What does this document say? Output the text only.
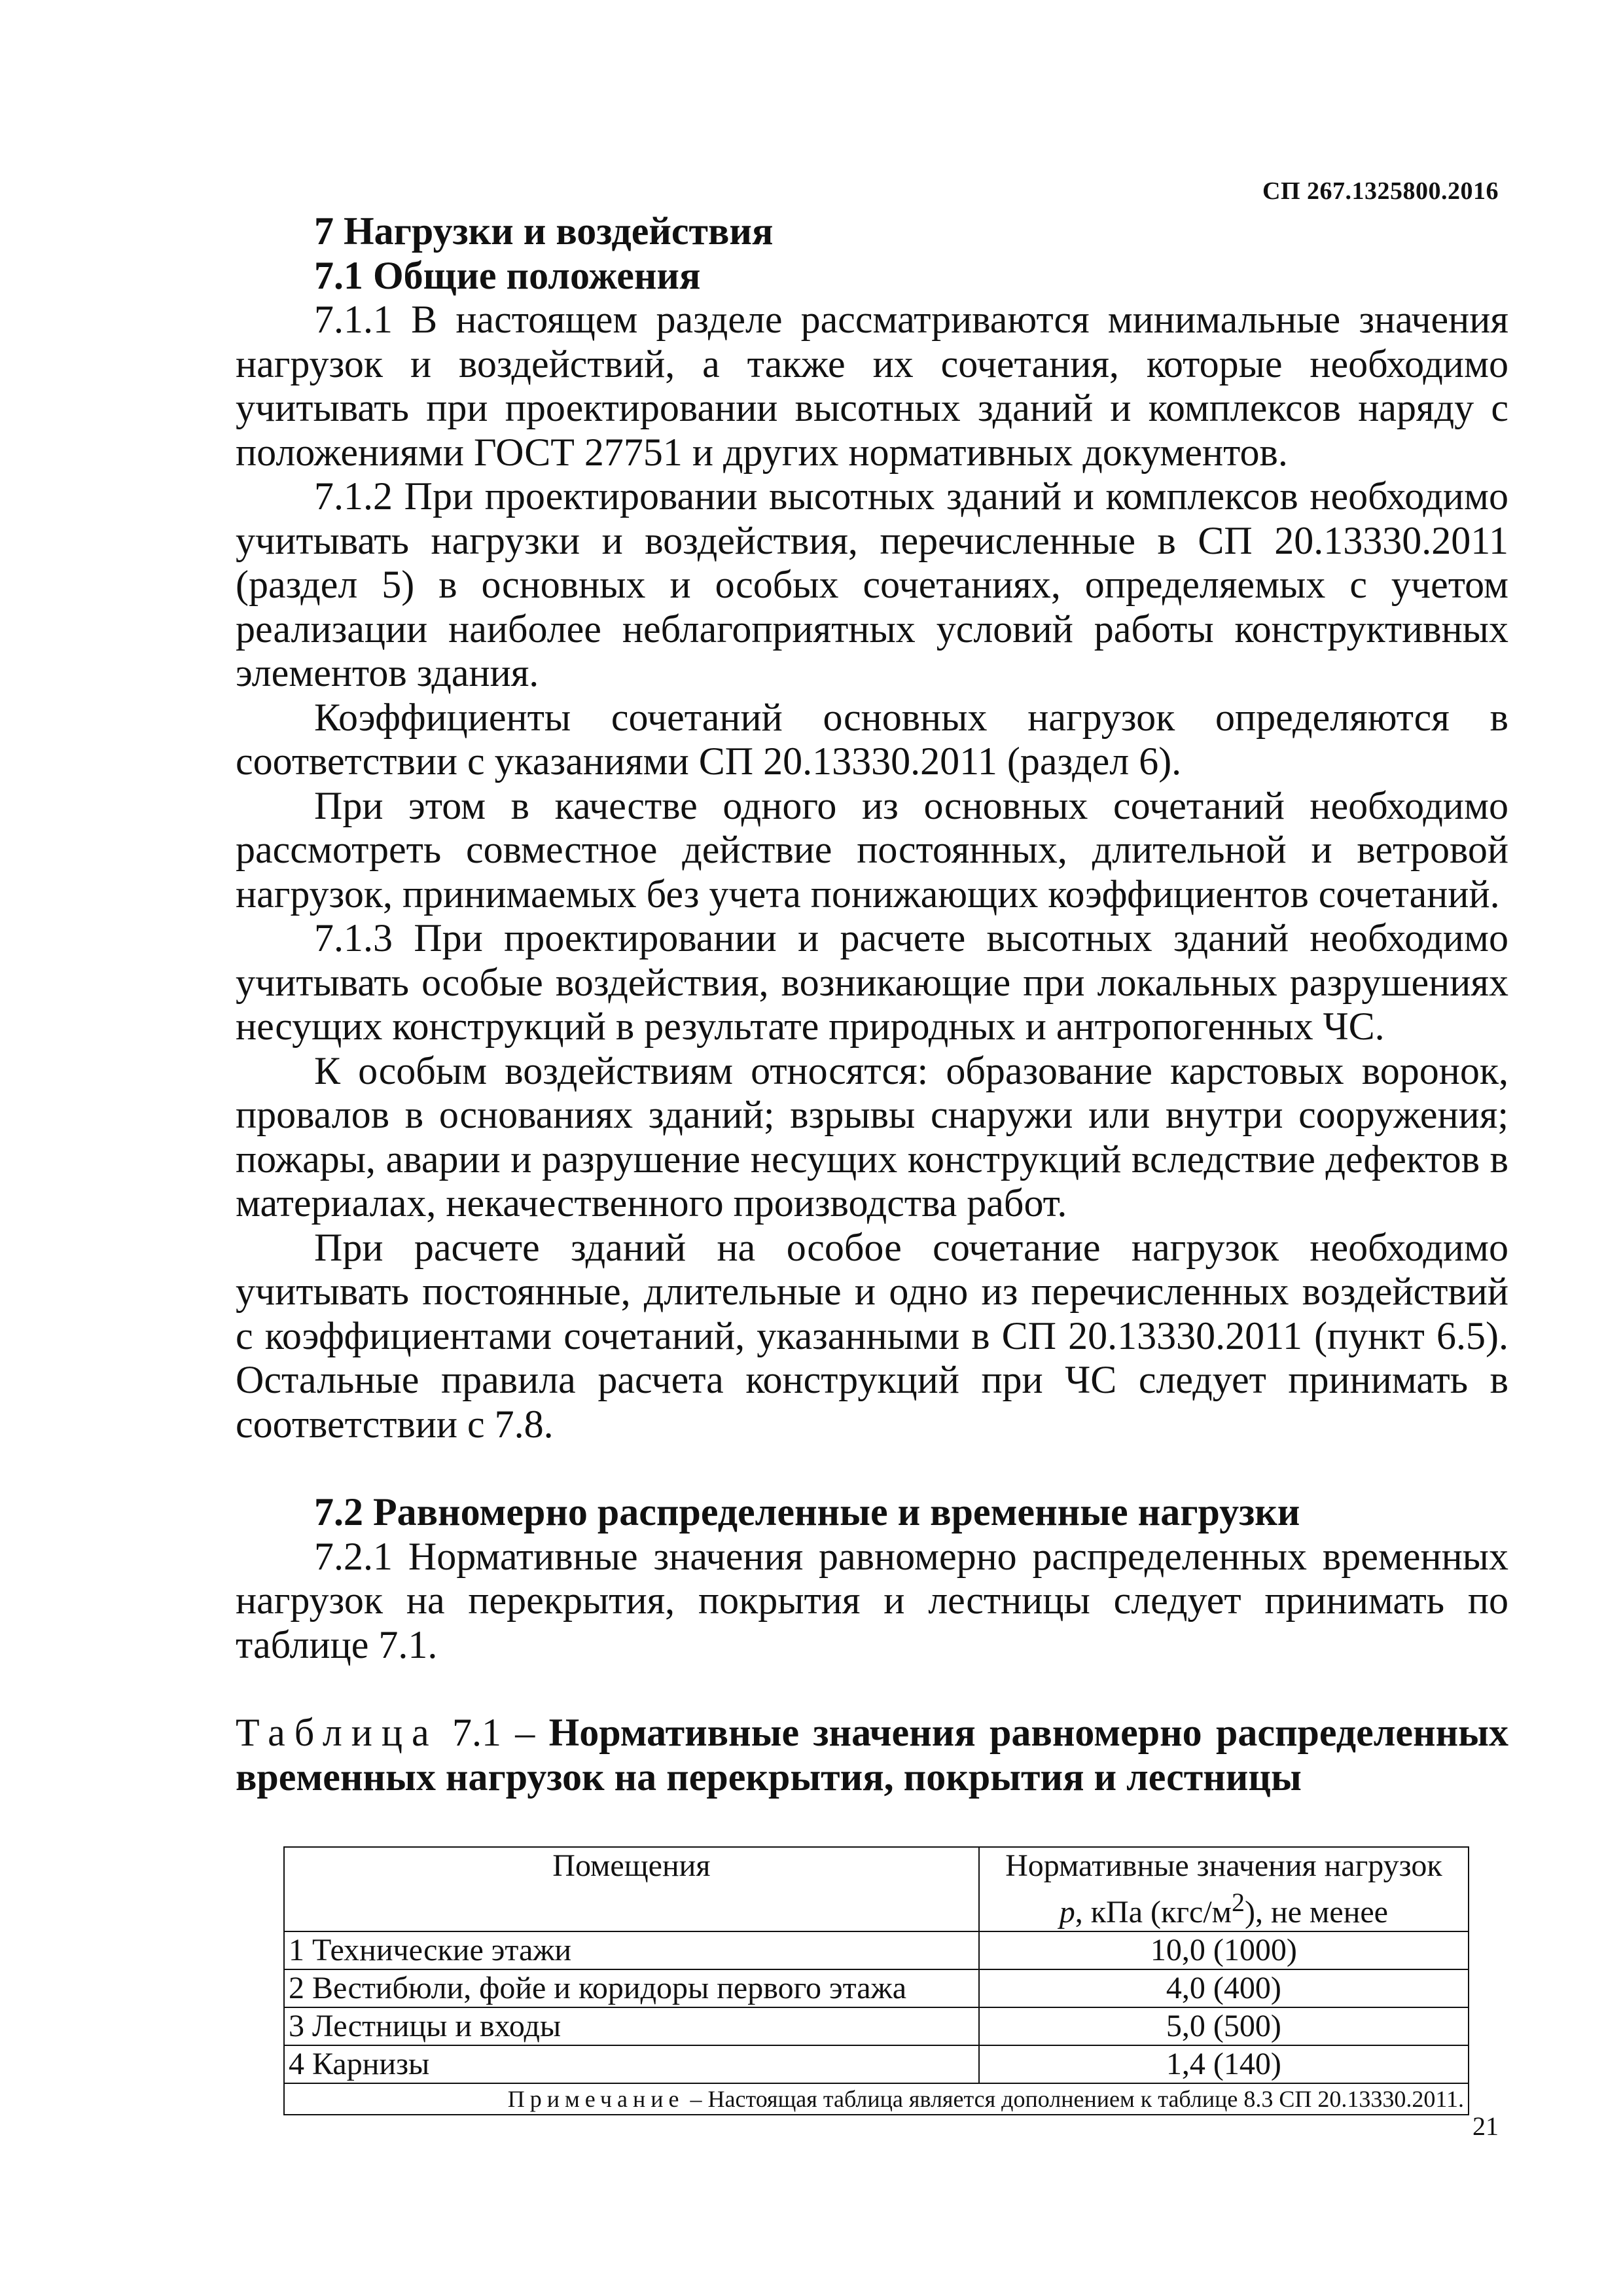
СП 267.1325800.2016
7 Нагрузки и воздействия
7.1 Общие положения

7.1.1 В настоящем разделе рассматриваются минимальные значения нагрузок и воздействий, а также их сочетания, которые необходимо учитывать при проектировании высотных зданий и комплексов наряду с положениями ГОСТ 27751 и других нормативных документов.

7.1.2 При проектировании высотных зданий и комплексов необходимо учитывать нагрузки и воздействия, перечисленные в СП 20.13330.2011 (раздел 5) в основных и особых сочетаниях, определяемых с учетом реализации наиболее неблагоприятных условий работы конструктивных элементов здания.

Коэффициенты сочетаний основных нагрузок определяются в соответствии с указаниями СП 20.13330.2011 (раздел 6).

При этом в качестве одного из основных сочетаний необходимо рассмотреть совместное действие постоянных, длительной и ветровой нагрузок, принимаемых без учета понижающих коэффициентов сочетаний.

7.1.3 При проектировании и расчете высотных зданий необходимо учитывать особые воздействия, возникающие при локальных разрушениях несущих конструкций в результате природных и антропогенных ЧС.

К особым воздействиям относятся: образование карстовых воронок, провалов в основаниях зданий; взрывы снаружи или внутри сооружения; пожары, аварии и разрушение несущих конструкций вследствие дефектов в материалах, некачественного производства работ.

При расчете зданий на особое сочетание нагрузок необходимо учитывать постоянные, длительные и одно из перечисленных воздействий с коэффициентами сочетаний, указанными в СП 20.13330.2011 (пункт 6.5). Остальные правила расчета конструкций при ЧС следует принимать в соответствии с 7.8.

7.2 Равномерно распределенные и временные нагрузки

7.2.1 Нормативные значения равномерно распределенных временных нагрузок на перекрытия, покрытия и лестницы следует принимать по таблице 7.1.

Таблица 7.1 – Нормативные значения равномерно распределенных временных нагрузок на перекрытия, покрытия и лестницы
Помещения	Нормативные значения нагрузок
p, кПа $(кгс/м^2)$, не менее
1 Технические этажи	10,0 (1000)
2 Вестибюли, фойе и коридоры первого этажа	4,0 (400)
3 Лестницы и входы	5,0 (500)
4 Карнизы	1,4 (140)
Примечание – Настоящая таблица является дополнением к таблице 8.3 СП 20.13330.2011.	
21
